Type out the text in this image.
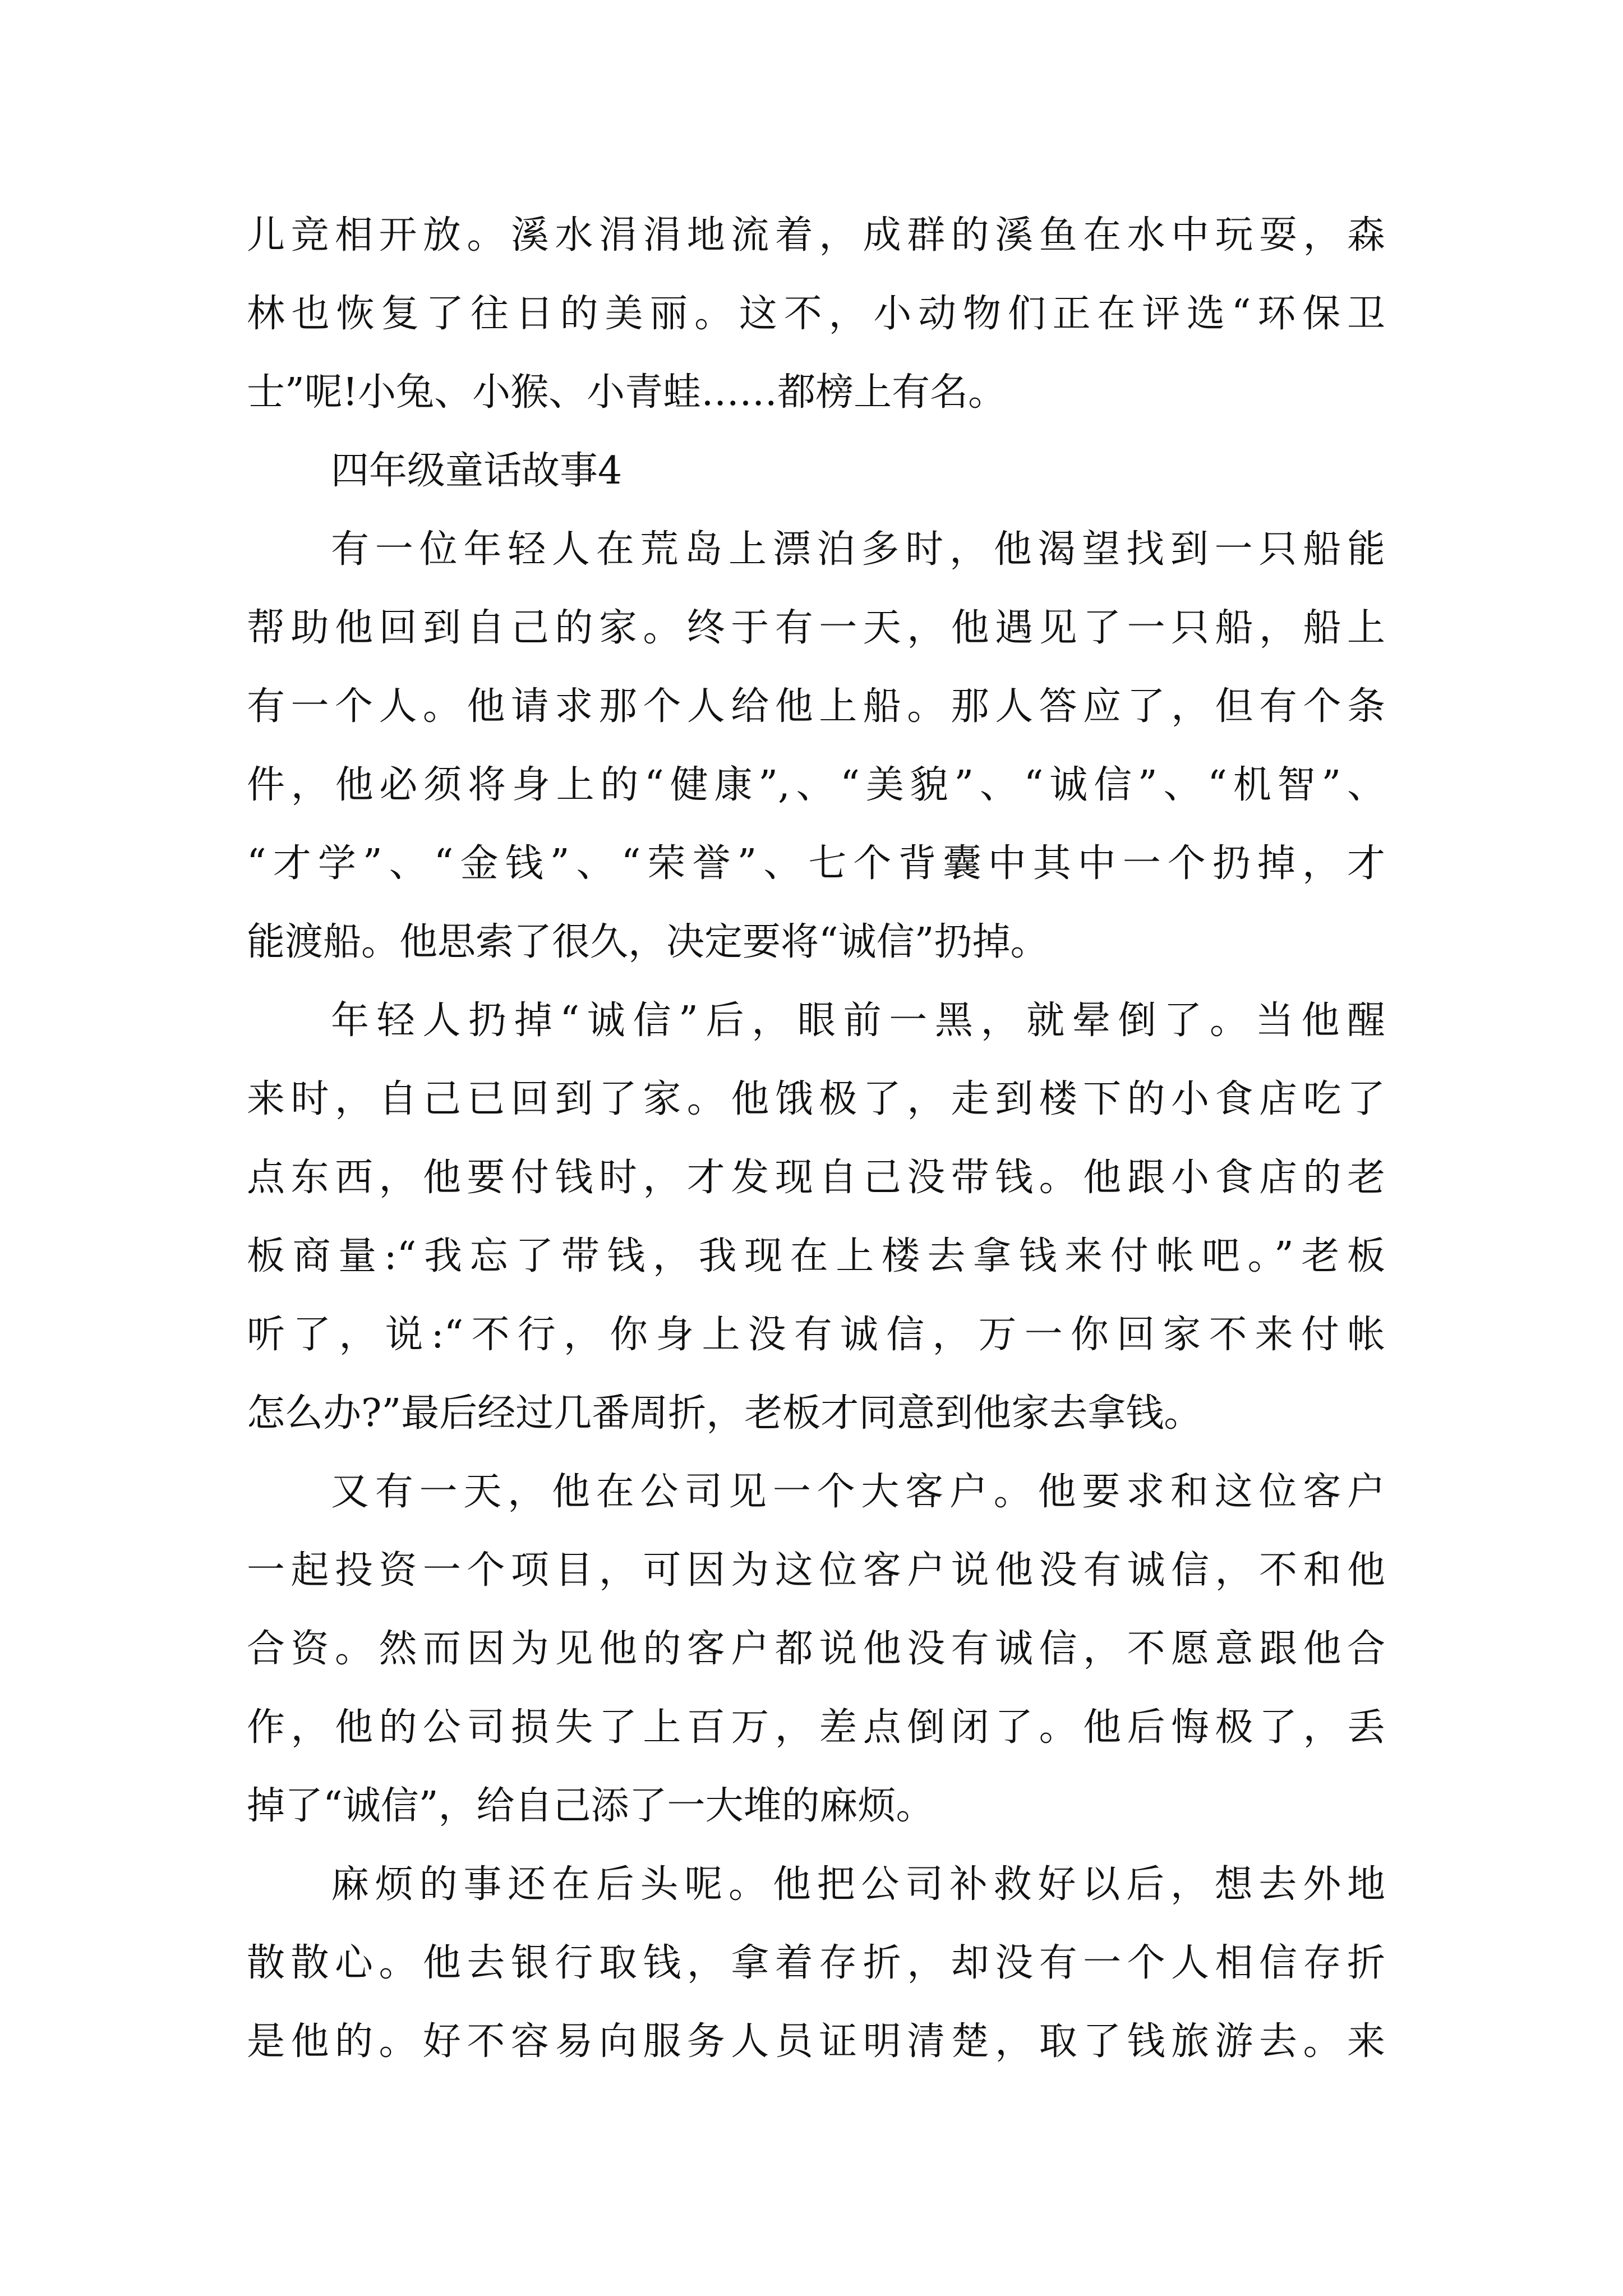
儿竞相开放。溪水涓涓地流着，成群的溪鱼在水中玩耍，森
林也恢复了往日的美丽。这不，小动物们正在评选“环保卫
士”呢!小兔、小猴、小青蛙……都榜上有名。
四年级童话故事4
有一位年轻人在荒岛上漂泊多时，他渴望找到一只船能
帮助他回到自己的家。终于有一天，他遇见了一只船，船上
有一个人。他请求那个人给他上船。那人答应了，但有个条
件，他必须将身上的“健康”,、“美貌”、“诚信”、“机智”、
“才学”、“金钱”、“荣誉”、七个背囊中其中一个扔掉，才
能渡船。他思索了很久，决定要将“诚信”扔掉。
年轻人扔掉“诚信”后，眼前一黑，就晕倒了。当他醒
来时，自己已回到了家。他饿极了，走到楼下的小食店吃了
点东西，他要付钱时，才发现自己没带钱。他跟小食店的老
板商量:“我忘了带钱，我现在上楼去拿钱来付帐吧。”老板
听了，说:“不行，你身上没有诚信，万一你回家不来付帐
怎么办?”最后经过几番周折，老板才同意到他家去拿钱。
又有一天，他在公司见一个大客户。他要求和这位客户
一起投资一个项目，可因为这位客户说他没有诚信，不和他
合资。然而因为见他的客户都说他没有诚信，不愿意跟他合
作，他的公司损失了上百万，差点倒闭了。他后悔极了，丢
掉了“诚信”，给自己添了一大堆的麻烦。
麻烦的事还在后头呢。他把公司补救好以后，想去外地
散散心。他去银行取钱，拿着存折，却没有一个人相信存折
是他的。好不容易向服务人员证明清楚，取了钱旅游去。来
